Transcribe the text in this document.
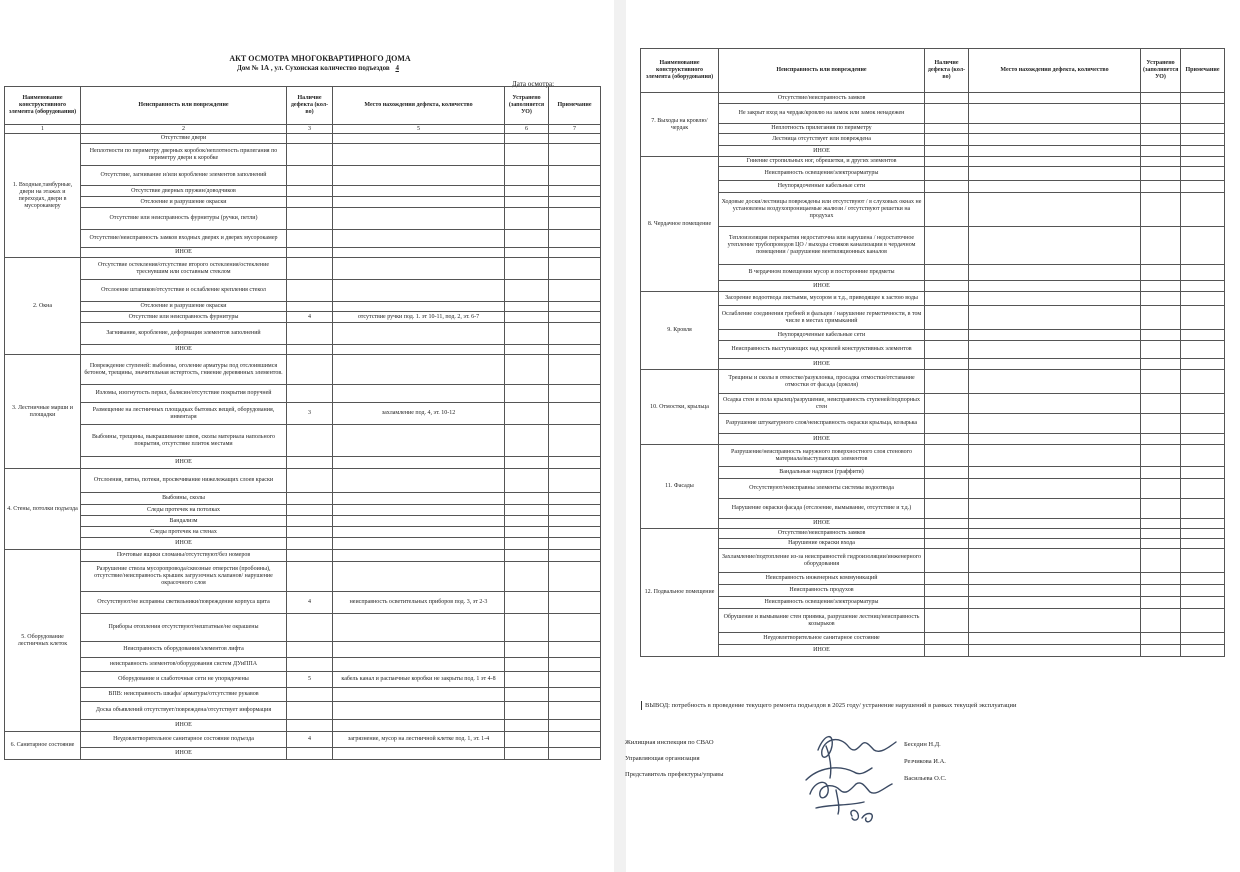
АКТ ОСМОТРА МНОГОКВАРТИРНОГО ДОМА
Дом № 1А , ул. Сухонская количество подъездов 4
Дата осмотра:
Наименование конструктивного элемента (оборудования)	Неисправность или повреждение	Наличие дефекта (кол-во)	Место нахождения дефекта, количество	Устранено (заполняется УО)	Примечание
1	2	3	5	6	7
1. Входные,тамбурные, двери на этажах и переходах, двери в мусорокамеру	Отсутствие двери				
	Неплотности по периметру дверных коробок/неплотность прилегания по периметру двери к коробке				
	Отсутствие, загнивание и/или коробление элементов заполнений				
	Отсутствие дверных пружин/доводчиков				
	Отслоение и разрушение окраски				
	Отсутствие или неисправность фурнитуры (ручки, петли)				
	Отсутствие/неисправность замков входных дверях и дверях мусорокамер				
	ИНОЕ				
2. Окна	Отсутствие остекления/отсутствие второго остекления/остекление треснувшим или составным стеклом				
	Отслоение штапиков/отсутствие и ослабление крепления стекол				
	Отслоение и разрушение окраски				
	Отсутствие или неисправность фурнитуры	4	отсутствие ручки под. 1. эт 10-11, под. 2, эт. 6-7		
	Загнивание, коробление, деформация элементов заполнений				
	ИНОЕ				
3. Лестничные марши и площадки	Повреждение ступеней: выбоины, оголение арматуры под отслоившимся бетоном, трещины, значительная истертость, гниение деревянных элементов.				
	Изломы, изогнутость перил, балясин/отсутствие покрытия поручней				
	Размещение на лестничных площадках бытовых вещей, оборудования, инвентаря	3	захламление под. 4, эт. 10-12		
	Выбоины, трещины, выкрашивание швов, сколы материала напольного покрытия, отсутствие плиток местами				
	ИНОЕ				
4. Стены, потолки подъезда	Отслоения, пятна, потеки, просвечивание нижележащих слоев краски				
	Выбоины, сколы				
	Следы протечек на потолках				
	Вандализм				
	Следы протечек на стенах				
	ИНОЕ				
5. Оборудование лестничных клеток	Почтовые ящики сломаны/отсутствуют/без номеров				
	Разрушение ствола мусоропровода/сквозные отверстия (пробоины), отсутствие/неисправность крышек загрузочных клапанов/ нарушение окрасочного слоя				
	Отсутствуют/не исправны светильники/повреждение корпуса щита	4	неисправность осветительных приборов под. 3, эт 2-3		
	Приборы отопления отсутствуют/нештатные/не окрашены				
	Неисправность оборудования/элементов лифта				
	неисправность элементов/оборудования систем ДУиППА				
	Оборудование и слаботочные сети не упорядочены	5	кабель канал и распаечные коробки не закрыты под. 1 эт 4-8		
	ВПВ: неисправность шкафа/ арматуры/отсутствие рукавов				
	Доска объявлений отсутствует/повреждена/отсутствует информация				
	ИНОЕ				
6. Санитарное состояние	Неудовлетворительное санитарное состояние подъезда	4	загрязнение, мусор на лестничной клетке под. 1, эт. 1-4		
	ИНОЕ				
Наименование конструктивного элемента (оборудования)	Неисправность или повреждение	Наличие дефекта (кол-во)	Место нахождения дефекта, количество	Устранено (заполняется УО)	Примечание
7. Выходы на кровлю/чердак	Отсутствие/неисправность замков				
	Не закрыт вход на чердак/кровлю на замок или замок ненадежен				
	Неплотность прилегания по периметру				
	Лестница отсутствует или повреждена				
	ИНОЕ				
8. Чердачное помещение	Гниение стропильных ног, обрешетки, и других элементов				
	Неисправность освещения/электроарматуры				
	Неупорядоченные кабельные сети				
	Ходовые доски/лестницы повреждены или отсутствуют / в слуховых окнах не установлены воздухопроницаемые жалюзи / отсутствуют решетки на продухах				
	Теплоизоляция перекрытия недостаточна или нарушена / недостаточное утепление трубопроводов ЦО / выходы стояков канализации в чердачном помещении / разрушение вентиляционных каналов				
	В чердачном помещении мусор и посторонние предметы				
	ИНОЕ				
9. Кровля	Засорение водоотвода листьями, мусором и т.д., приводящее к застою воды				
	Ослабление соединения гребней и фальцев / нарушение герметичности, в том числе в местах примыканий				
	Неупорядоченные кабельные сети				
	Неисправность выступающих над кровлей конструктивных элементов				
	ИНОЕ				
10. Отмостки, крыльца	Трещины и сколы в отмостке/разуклонка, просадка отмостки/отставание отмостки от фасада (цоколя)				
	Осадка стен и пола крылец/разрушение, неисправность ступеней/подпорных стен				
	Разрушение штукатурного слоя/неисправность окраски крыльца, козырька				
	ИНОЕ				
11. Фасады	Разрушение/неисправность наружного поверхностного слоя стенового материала/выступающих элементов				
	Вандальные надписи (граффити)				
	Отсутствуют/неисправны элементы системы водоотвода				
	Нарушение окраски фасада (отслоение, вымывание, отсутствие и т.д.)				
	ИНОЕ				
12. Подвальное помещение	Отсутствие/неисправность замков				
	Нарушение окраски входа				
	Захламление/подтопление из-за неисправностей гидроизоляции/инженерного оборудования				
	Неисправность инженерных коммуникаций				
	Неисправность продухов				
	Неисправность освещения/электроарматуры				
	Обрушение и вымывание стен приямка, разрушение лестниц/неисправность козырьков				
	Неудовлетворительное санитарное состояние				
	ИНОЕ				
ВЫВОД: потребность в проведение текущего ремонта подъездов в 2025 году/ устранение нарушений в рамках текущей эксплуатации
Жилищная инспекция по СВАО
Управляющая организация
Представитель префектуры/управы
Беседин Н.Д.
Резчикова И.А.
Васильева О.С.
